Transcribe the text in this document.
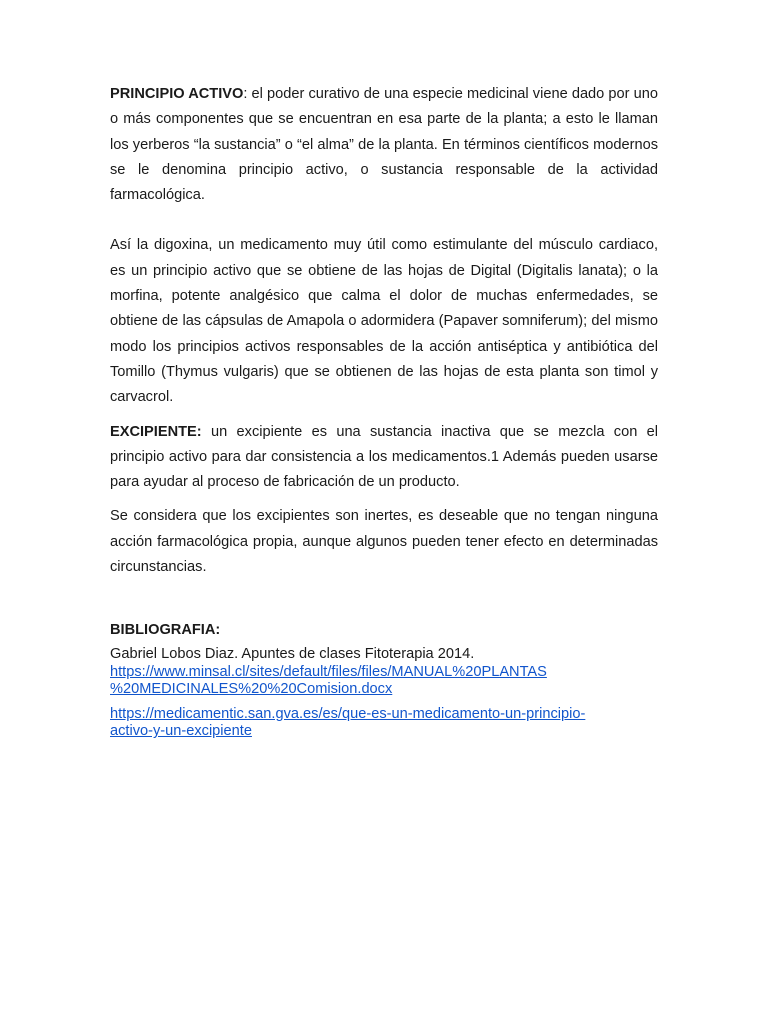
PRINCIPIO ACTIVO: el poder curativo de una especie medicinal viene dado por uno o más componentes que se encuentran en esa parte de la planta; a esto le llaman los yerberos “la sustancia” o “el alma” de la planta. En términos científicos modernos se le denomina principio activo, o sustancia responsable de la actividad farmacológica.

Así la digoxina, un medicamento muy útil como estimulante del músculo cardiaco, es un principio activo que se obtiene de las hojas de Digital (Digitalis lanata); o la morfina, potente analgésico que calma el dolor de muchas enfermedades, se obtiene de las cápsulas de Amapola o adormidera (Papaver somniferum); del mismo modo los principios activos responsables de la acción antiséptica y antibiótica del Tomillo (Thymus vulgaris) que se obtienen de las hojas de esta planta son timol y carvacrol.

EXCIPIENTE: un excipiente es una sustancia inactiva que se mezcla con el principio activo para dar consistencia a los medicamentos.1 Además pueden usarse para ayudar al proceso de fabricación de un producto.

Se considera que los excipientes son inertes, es deseable que no tengan ninguna acción farmacológica propia, aunque algunos pueden tener efecto en determinadas circunstancias.

BIBLIOGRAFIA:

Gabriel Lobos Diaz. Apuntes de clases Fitoterapia 2014.
https://www.minsal.cl/sites/default/files/files/MANUAL%20PLANTAS
%20MEDICINALES%20%20Comision.docx

https://medicamentic.san.gva.es/es/que-es-un-medicamento-un-principio-
activo-y-un-excipiente
